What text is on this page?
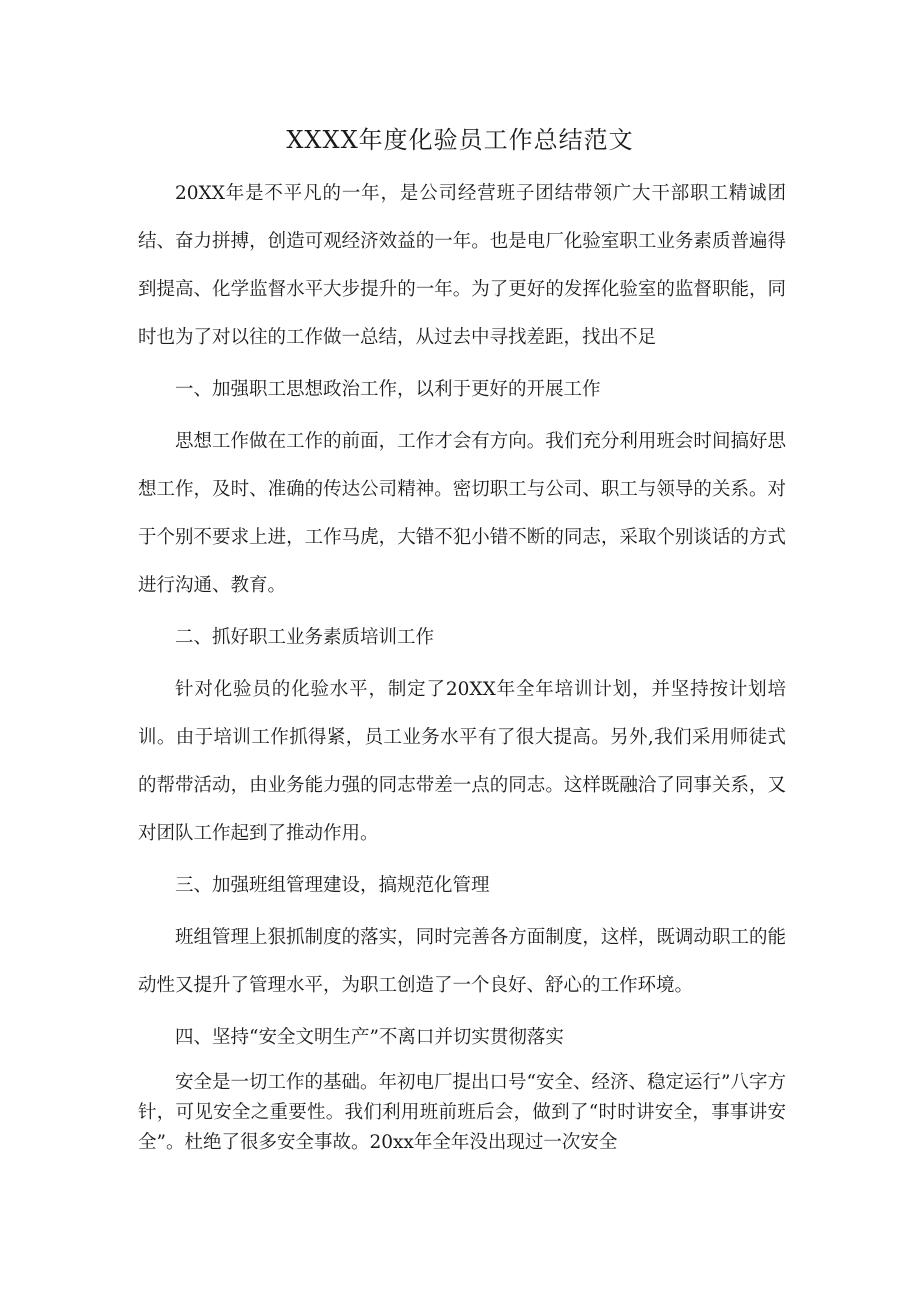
XXXX年度化验员工作总结范文

20XX年是不平凡的一年，是公司经营班子团结带领广大干部职工精诚团结、奋力拼搏，创造可观经济效益的一年。也是电厂化验室职工业务素质普遍得到提高、化学监督水平大步提升的一年。为了更好的发挥化验室的监督职能，同时也为了对以往的工作做一总结，从过去中寻找差距，找出不足

一、加强职工思想政治工作，以利于更好的开展工作

思想工作做在工作的前面，工作才会有方向。我们充分利用班会时间搞好思想工作，及时、准确的传达公司精神。密切职工与公司、职工与领导的关系。对于个别不要求上进，工作马虎，大错不犯小错不断的同志，采取个别谈话的方式进行沟通、教育。

二、抓好职工业务素质培训工作

针对化验员的化验水平，制定了20XX年全年培训计划，并坚持按计划培训。由于培训工作抓得紧，员工业务水平有了很大提高。另外,我们采用师徒式的帮带活动，由业务能力强的同志带差一点的同志。这样既融洽了同事关系，又对团队工作起到了推动作用。

三、加强班组管理建设，搞规范化管理

班组管理上狠抓制度的落实，同时完善各方面制度，这样，既调动职工的能动性又提升了管理水平，为职工创造了一个良好、舒心的工作环境。

四、坚持“安全文明生产”不离口并切实贯彻落实

安全是一切工作的基础。年初电厂提出口号“安全、经济、稳定运行”八字方针，可见安全之重要性。我们利用班前班后会，做到了“时时讲安全，事事讲安全”。杜绝了很多安全事故。20xx年全年没出现过一次安全
